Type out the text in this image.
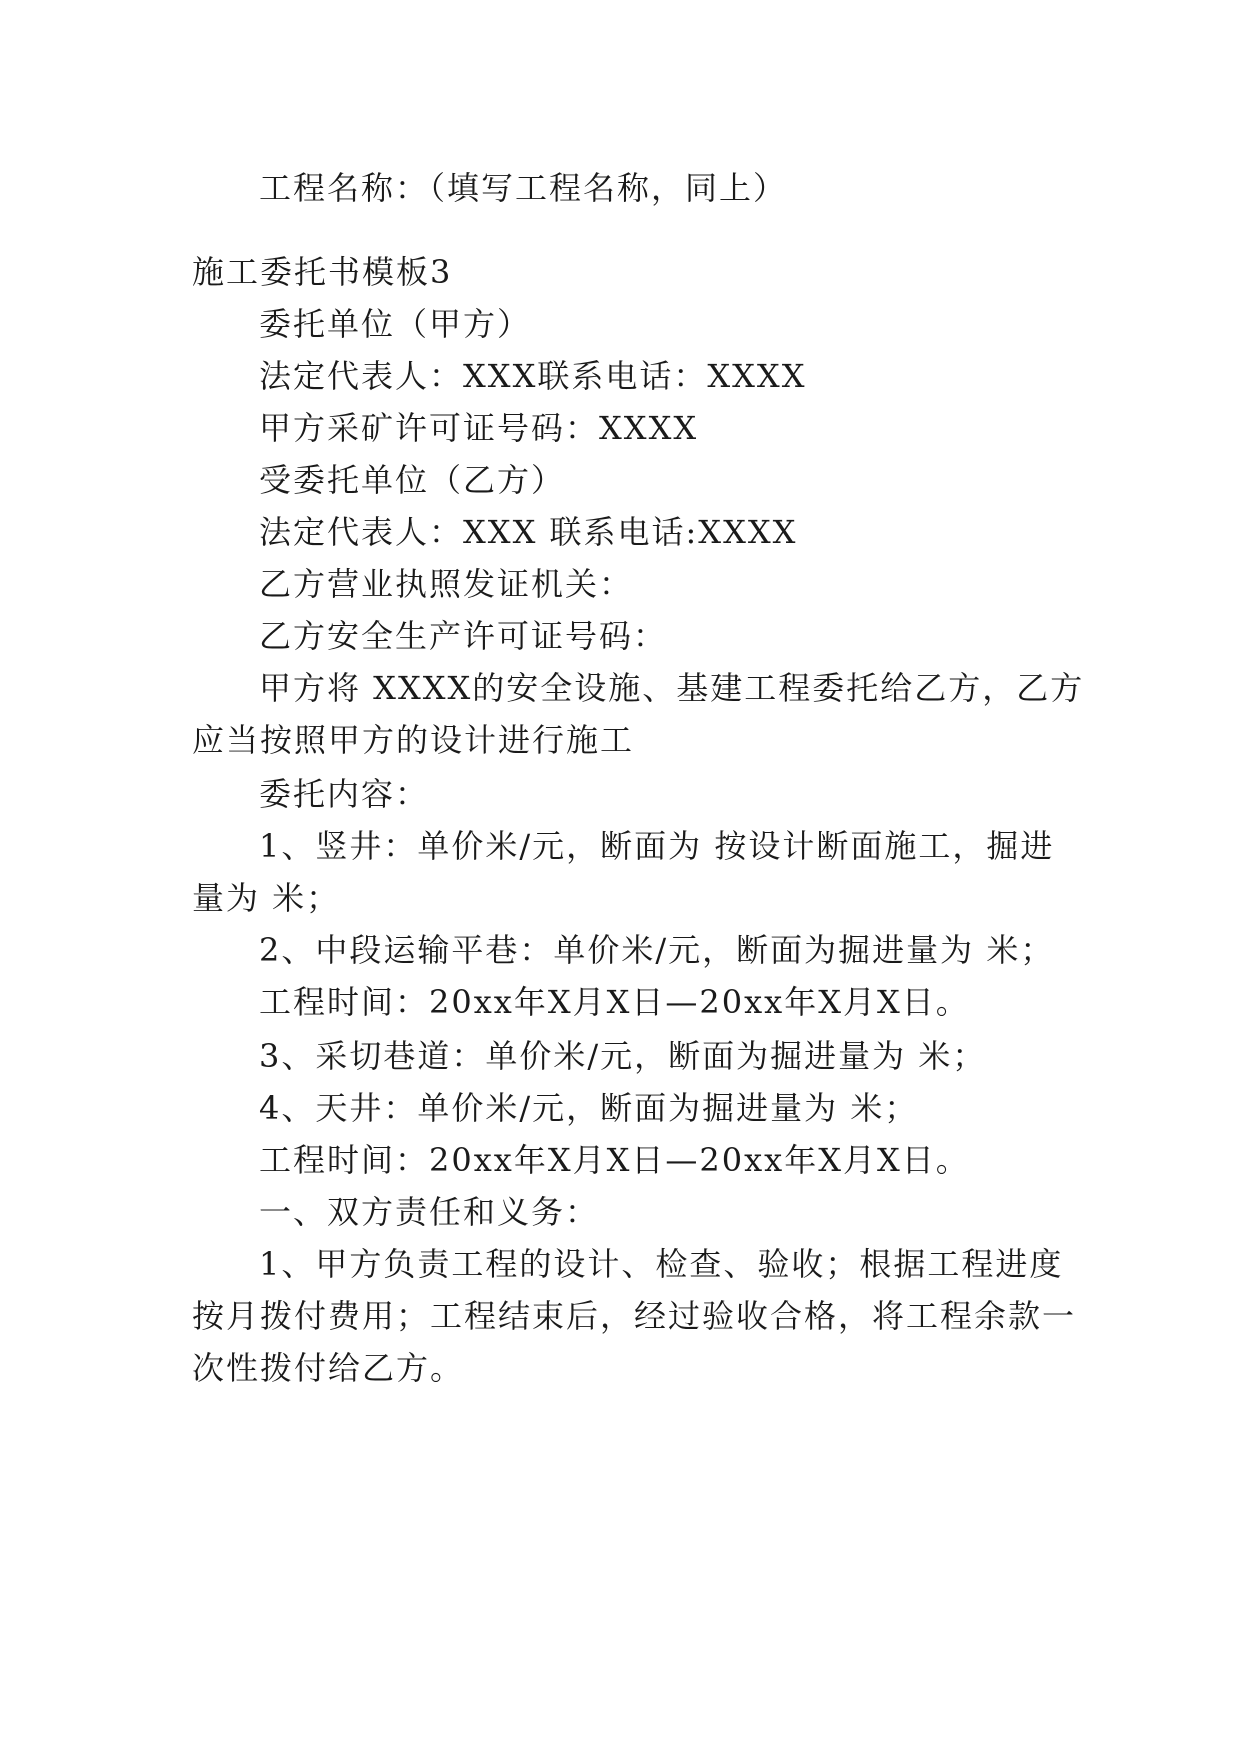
工程名称：（填写工程名称，同上）
施工委托书模板3
委托单位（甲方）
法定代表人：XXX联系电话：XXXX
甲方采矿许可证号码：XXXX
受委托单位（乙方）
法定代表人：XXX 联系电话:XXXX
乙方营业执照发证机关：
乙方安全生产许可证号码：
甲方将 XXXX的安全设施、基建工程委托给乙方，乙方
应当按照甲方的设计进行施工
委托内容：
1、竖井：单价米/元，断面为 按设计断面施工，掘进
量为 米；
2、中段运输平巷：单价米/元，断面为掘进量为 米；
工程时间：20xx年X月X日—20xx年X月X日。
3、采切巷道：单价米/元，断面为掘进量为 米；
4、天井：单价米/元，断面为掘进量为 米；
工程时间：20xx年X月X日—20xx年X月X日。
一、双方责任和义务：
1、甲方负责工程的设计、检查、验收；根据工程进度
按月拨付费用；工程结束后，经过验收合格，将工程余款一
次性拨付给乙方。
